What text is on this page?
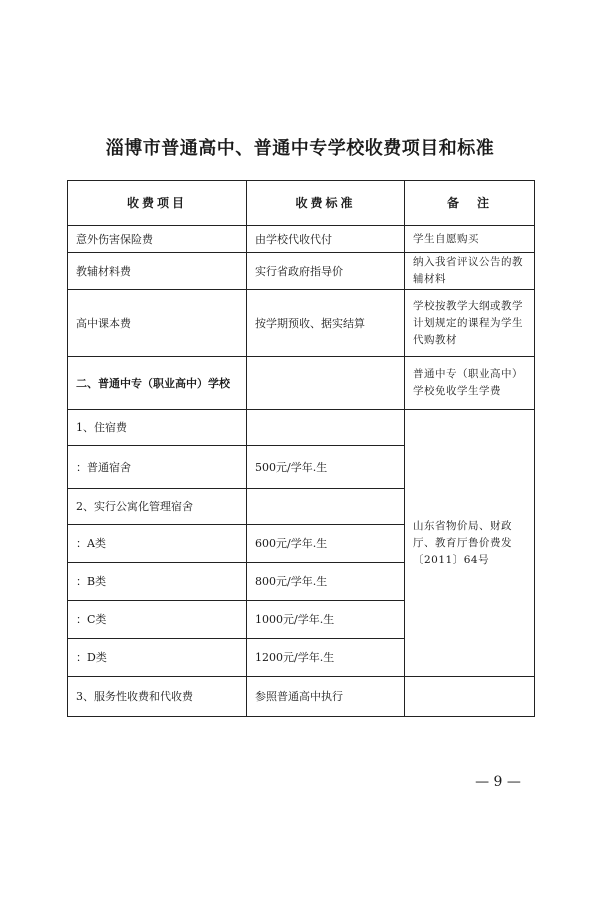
淄博市普通高中、普通中专学校收费项目和标准
收费项目	收费标准	备　注
意外伤害保险费	由学校代收代付	学生自愿购买
教辅材料费	实行省政府指导价	纳入我省评议公告的教辅材料
高中课本费	按学期预收、据实结算	学校按教学大纲或教学计划规定的课程为学生代购教材
二、普通中专（职业高中）学校		普通中专（职业高中）学校免收学生学费
1、住宿费		山东省物价局、财政厅、教育厅鲁价费发〔2011〕64号
：普通宿舍	500元/学年.生	
2、实行公寓化管理宿舍		
：A类	600元/学年.生	
：B类	800元/学年.生	
：C类	1000元/学年.生	
：D类	1200元/学年.生	
3、服务性收费和代收费	参照普通高中执行	
— 9 —
